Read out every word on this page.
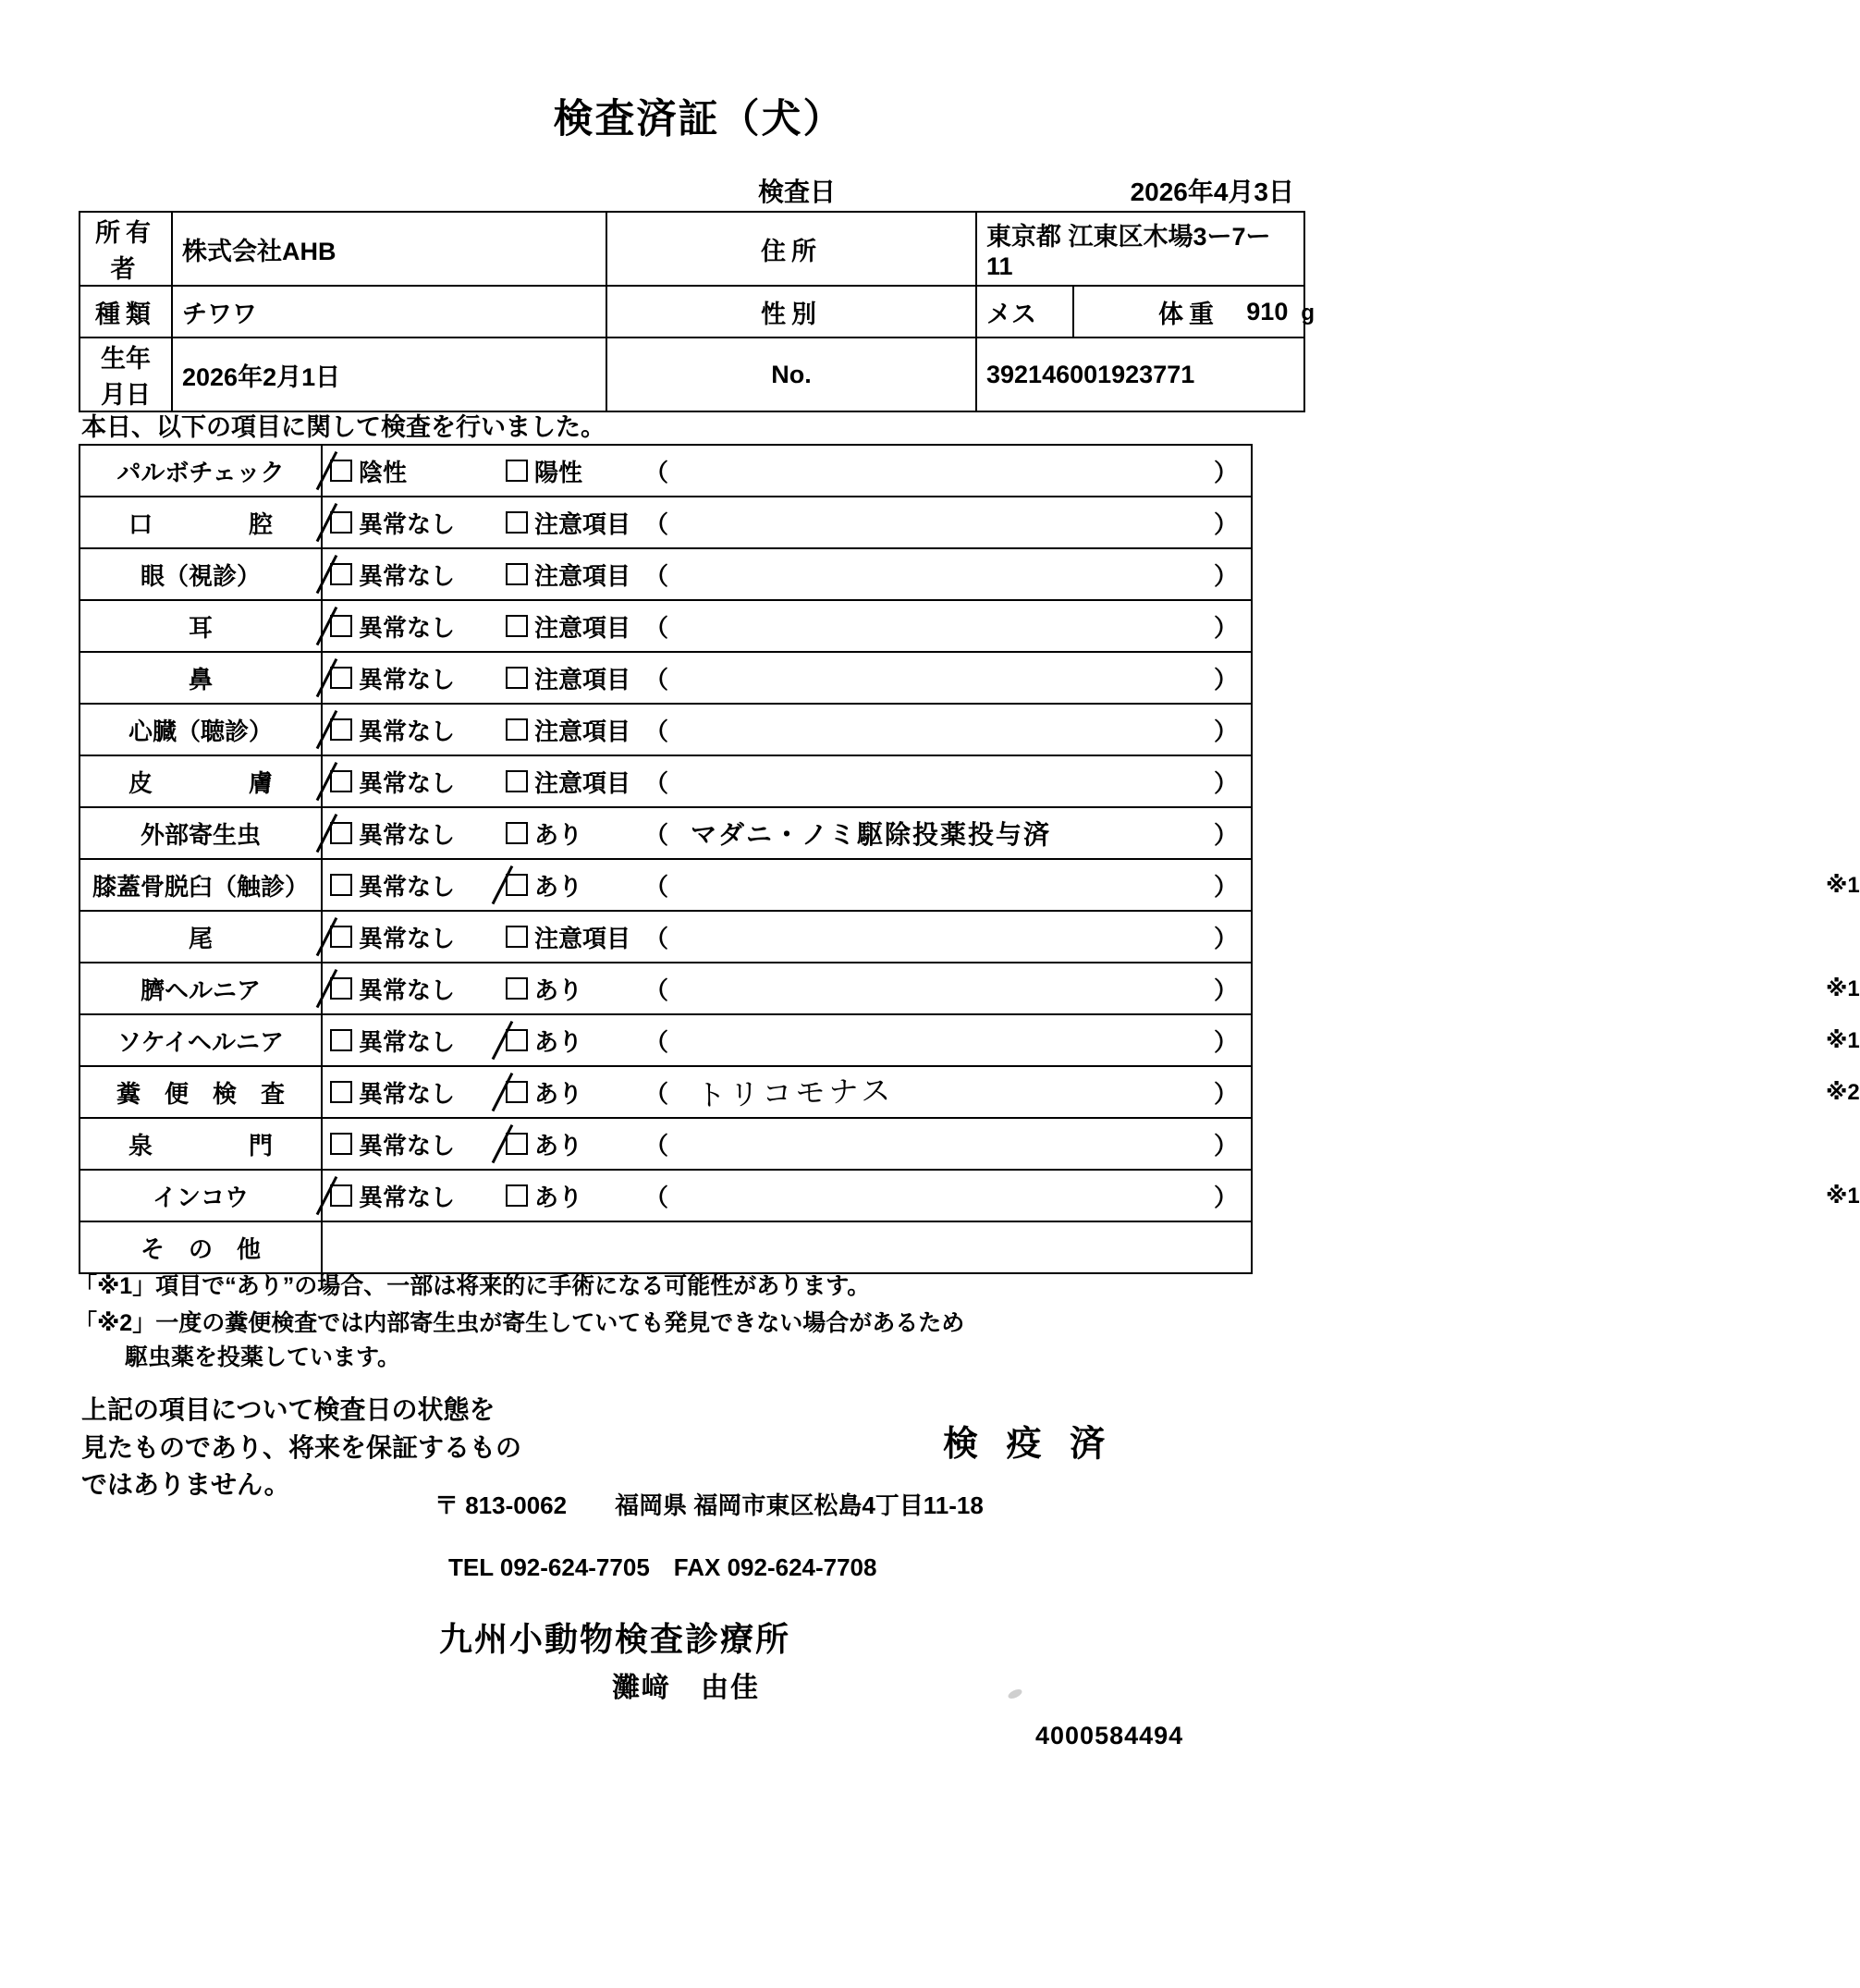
検査済証（犬）
検査日	2026年4月3日
所有者	株式会社AHB	住所	東京都 江東区木場3ー7ー11		
種類	チワワ	性別	メス	体重	910 g

生年月日	2026年2月1日	No.	392146001923771		
本日、以下の項目に関して検査を行いました。
パルボチェック	陰性 陽性 （ ）

口　　　　腔	異常なし 注意項目 （ ）

眼（視診）	異常なし 注意項目 （ ）

耳	異常なし 注意項目 （ ）

鼻	異常なし 注意項目 （ ）

心臓（聴診）	異常なし 注意項目 （ ）

皮　　　　膚	異常なし 注意項目 （ ）

外部寄生虫	異常なし あり （ マダニ・ノミ駆除投薬投与済 ）

膝蓋骨脱臼（触診）	異常なし あり （ ） ※1

尾	異常なし 注意項目 （ ）

臍ヘルニア	異常なし あり （ ） ※1

ソケイヘルニア	異常なし あり （ ） ※1

糞　便　検　査	異常なし	あり	（ トリコモナス	）	※2

泉　　　　門	異常なし あり （ ）

インコウ	異常なし あり （ ） ※1

そ　の　他	
「※1」項目で“あり”の場合、一部は将来的に手術になる可能性があります。
「※2」一度の糞便検査では内部寄生虫が寄生していても発見できない場合があるため
駆虫薬を投薬しています。
上記の項目について検査日の状態を
見たものであり、将来を保証するもの
ではありません。
検 疫 済
〒 813-0062　　福岡県 福岡市東区松島4丁目11-18
TEL 092-624-7705　FAX 092-624-7708
九州小動物検査診療所
灘﨑　由佳
4000584494
